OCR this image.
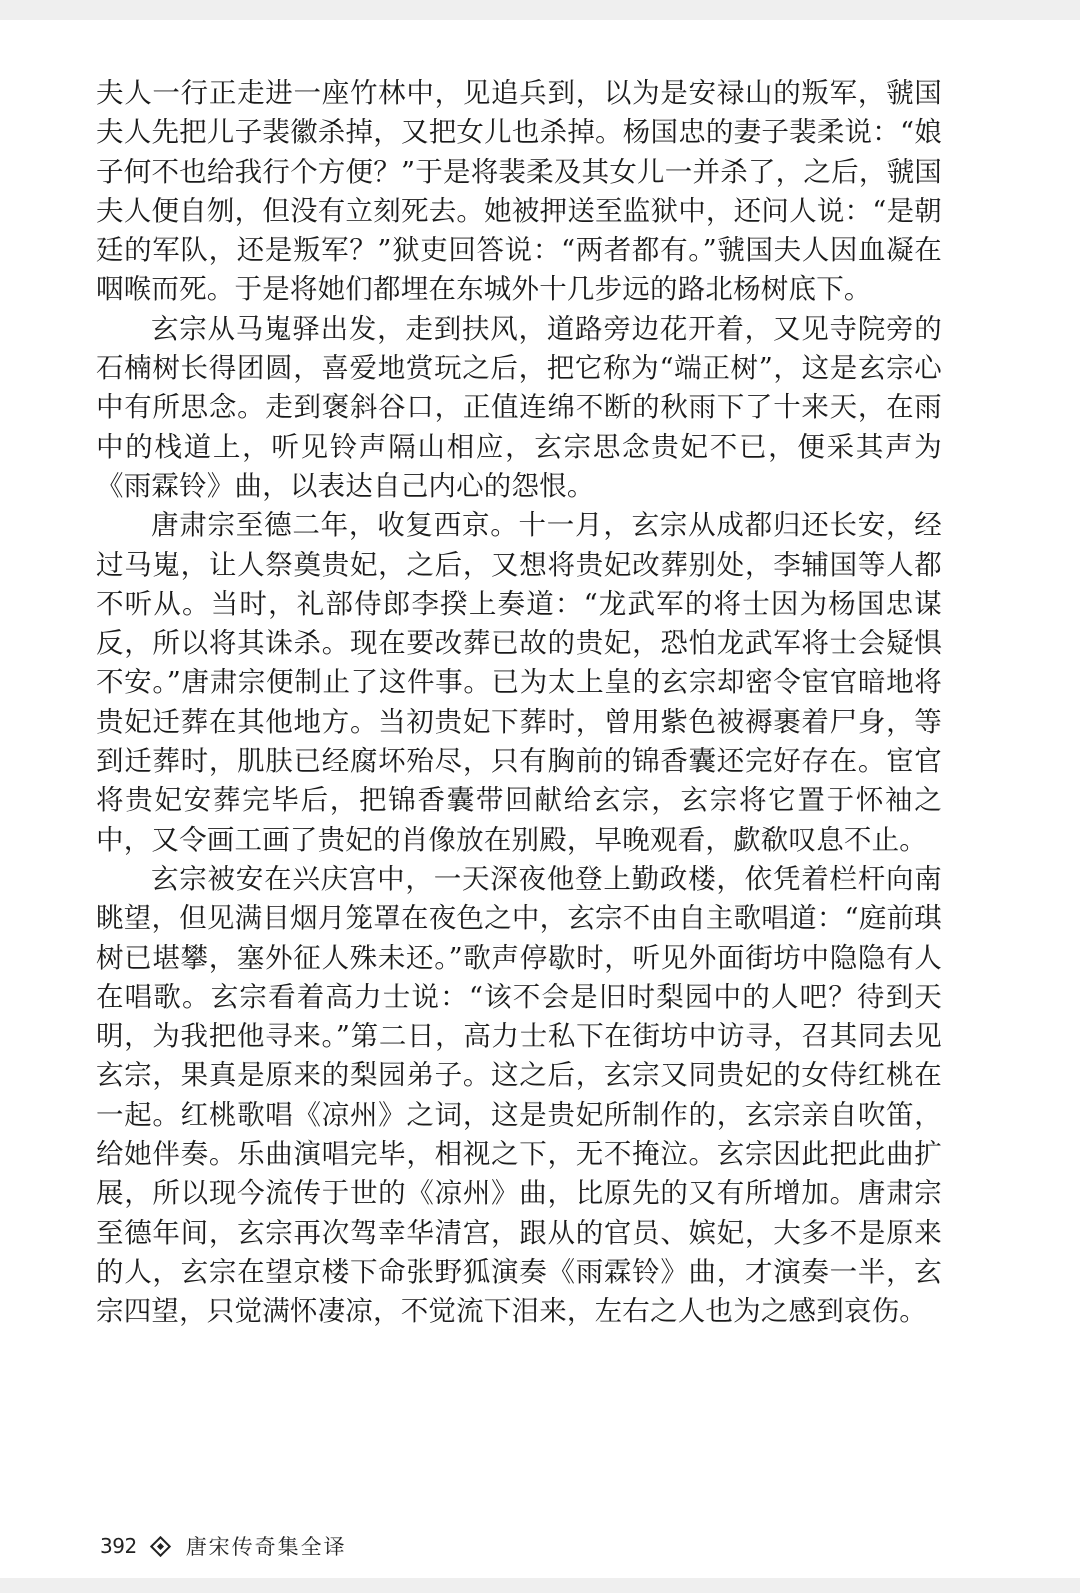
夫人一行正走进一座竹林中，见追兵到，以为是安禄山的叛军，虢国夫人先把儿子裴徽杀掉，又把女儿也杀掉。杨国忠的妻子裴柔说：“娘子何不也给我行个方便？”于是将裴柔及其女儿一并杀了，之后，虢国夫人便自刎，但没有立刻死去。她被押送至监狱中，还问人说：“是朝廷的军队，还是叛军？”狱吏回答说：“两者都有。”虢国夫人因血凝在咽喉而死。于是将她们都埋在东城外十几步远的路北杨树底下。

玄宗从马嵬驿出发，走到扶风，道路旁边花开着，又见寺院旁的石楠树长得团圆，喜爱地赏玩之后，把它称为“端正树”，这是玄宗心中有所思念。走到褒斜谷口，正值连绵不断的秋雨下了十来天，在雨中的栈道上，听见铃声隔山相应，玄宗思念贵妃不已，便采其声为《雨霖铃》曲，以表达自己内心的怨恨。

唐肃宗至德二年，收复西京。十一月，玄宗从成都归还长安，经过马嵬，让人祭奠贵妃，之后，又想将贵妃改葬别处，李辅国等人都不听从。当时，礼部侍郎李揆上奏道：“龙武军的将士因为杨国忠谋反，所以将其诛杀。现在要改葬已故的贵妃，恐怕龙武军将士会疑惧不安。”唐肃宗便制止了这件事。已为太上皇的玄宗却密令宦官暗地将贵妃迁葬在其他地方。当初贵妃下葬时，曾用紫色被褥裹着尸身，等到迁葬时，肌肤已经腐坏殆尽，只有胸前的锦香囊还完好存在。宦官将贵妃安葬完毕后，把锦香囊带回献给玄宗，玄宗将它置于怀袖之中，又令画工画了贵妃的肖像放在别殿，早晚观看，歔欷叹息不止。

玄宗被安在兴庆宫中，一天深夜他登上勤政楼，依凭着栏杆向南眺望，但见满目烟月笼罩在夜色之中，玄宗不由自主歌唱道：“庭前琪树已堪攀，塞外征人殊未还。”歌声停歇时，听见外面街坊中隐隐有人在唱歌。玄宗看着高力士说：“该不会是旧时梨园中的人吧？待到天明，为我把他寻来。”第二日，高力士私下在街坊中访寻，召其同去见玄宗，果真是原来的梨园弟子。这之后，玄宗又同贵妃的女侍红桃在一起。红桃歌唱《凉州》之词，这是贵妃所制作的，玄宗亲自吹笛，给她伴奏。乐曲演唱完毕，相视之下，无不掩泣。玄宗因此把此曲扩展，所以现今流传于世的《凉州》曲，比原先的又有所增加。唐肃宗至德年间，玄宗再次驾幸华清宫，跟从的官员、嫔妃，大多不是原来的人，玄宗在望京楼下命张野狐演奏《雨霖铃》曲，才演奏一半，玄宗四望，只觉满怀凄凉，不觉流下泪来，左右之人也为之感到哀伤。

392 唐宋传奇集全译
